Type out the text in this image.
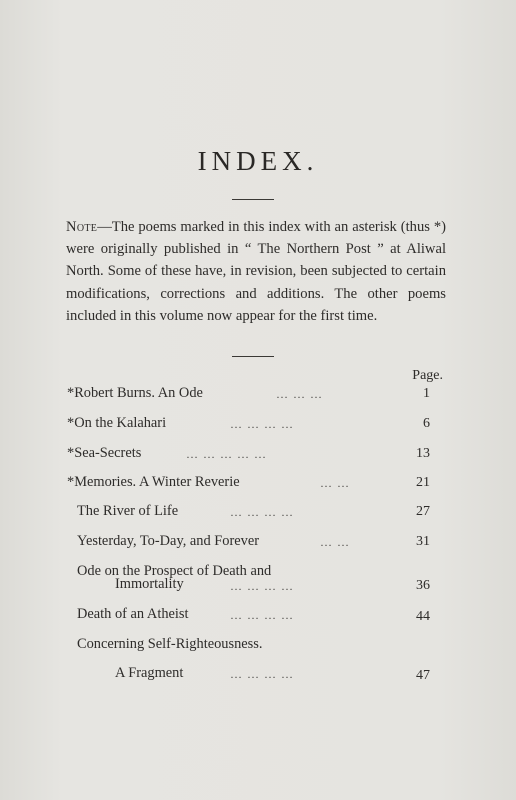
INDEX.
Note—The poems marked in this index with an asterisk (thus *) were originally published in “ The Northern Post ” at Aliwal North. Some of these have, in revision, been subjected to certain modifications, corrections and additions. The other poems included in this volume now appear for the first time.
Page.
*Robert Burns. An Ode	… … …	1
*On the Kalahari	… … … …	6
*Sea-Secrets	… … … … …	13
*Memories. A Winter Reverie	… …	21
The River of Life	… … … …	27
Yesterday, To-Day, and Forever	… …	31
Ode on the Prospect of Death and
Immortality	… … … …	36
Death of an Atheist	… … … …	44
Concerning Self-Righteousness.
A Fragment	… … … …	47
